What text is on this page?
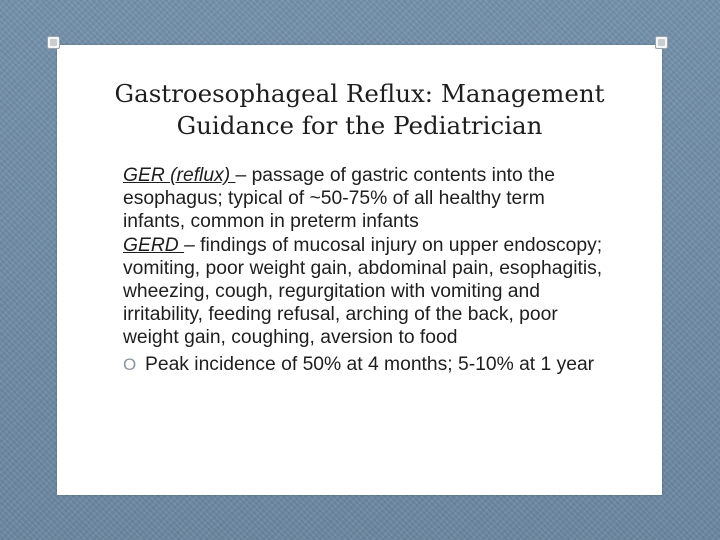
Gastroesophageal Reflux: Management
Guidance for the Pediatrician

GER (reflux) – passage of gastric contents into the esophagus; typical of ~50-75% of all healthy term infants, common in preterm infants

GERD – findings of mucosal injury on upper endoscopy; vomiting, poor weight gain, abdominal pain, esophagitis, wheezing, cough, regurgitation with vomiting and irritability, feeding refusal, arching of the back, poor weight gain, coughing, aversion to food

O Peak incidence of 50% at 4 months; 5-10% at 1 year
